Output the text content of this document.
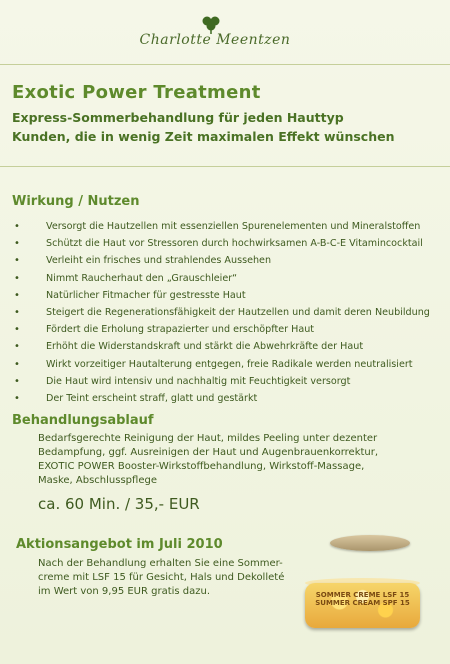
Charlotte Meentzen
Exotic Power Treatment
Express-Sommerbehandlung für jeden Hauttyp
Kunden, die in wenig Zeit maximalen Effekt wünschen
Wirkung / Nutzen
•	Versorgt die Hautzellen mit essenziellen Spurenelementen und Mineralstoffen
•	Schützt die Haut vor Stressoren durch hochwirksamen A-B-C-E Vitamincocktail
•	Verleiht ein frisches und strahlendes Aussehen
•	Nimmt Raucherhaut den „Grauschleier“
•	Natürlicher Fitmacher für gestresste Haut
•	Steigert die Regenerationsfähigkeit der Hautzellen und damit deren Neubildung
•	Fördert die Erholung strapazierter und erschöpfter Haut
•	Erhöht die Widerstandskraft und stärkt die Abwehrkräfte der Haut
•	Wirkt vorzeitiger Hautalterung entgegen, freie Radikale werden neutralisiert
•	Die Haut wird intensiv und nachhaltig mit Feuchtigkeit versorgt
•	Der Teint erscheint straff, glatt und gestärkt
Behandlungsablauf
Bedarfsgerechte Reinigung der Haut, mildes Peeling unter dezenter
Bedampfung, ggf. Ausreinigen der Haut und Augenbrauenkorrektur,
EXOTIC POWER Booster-Wirkstoffbehandlung, Wirkstoff-Massage,
Maske, Abschlusspflege
ca. 60 Min. / 35,- EUR
Aktionsangebot im Juli 2010
Nach der Behandlung erhalten Sie eine Sommer-
creme mit LSF 15 für Gesicht, Hals und Dekolleté
im Wert von 9,95 EUR gratis dazu.	SOMMER CREME LSF 15
SUMMER CREAM SPF 15
